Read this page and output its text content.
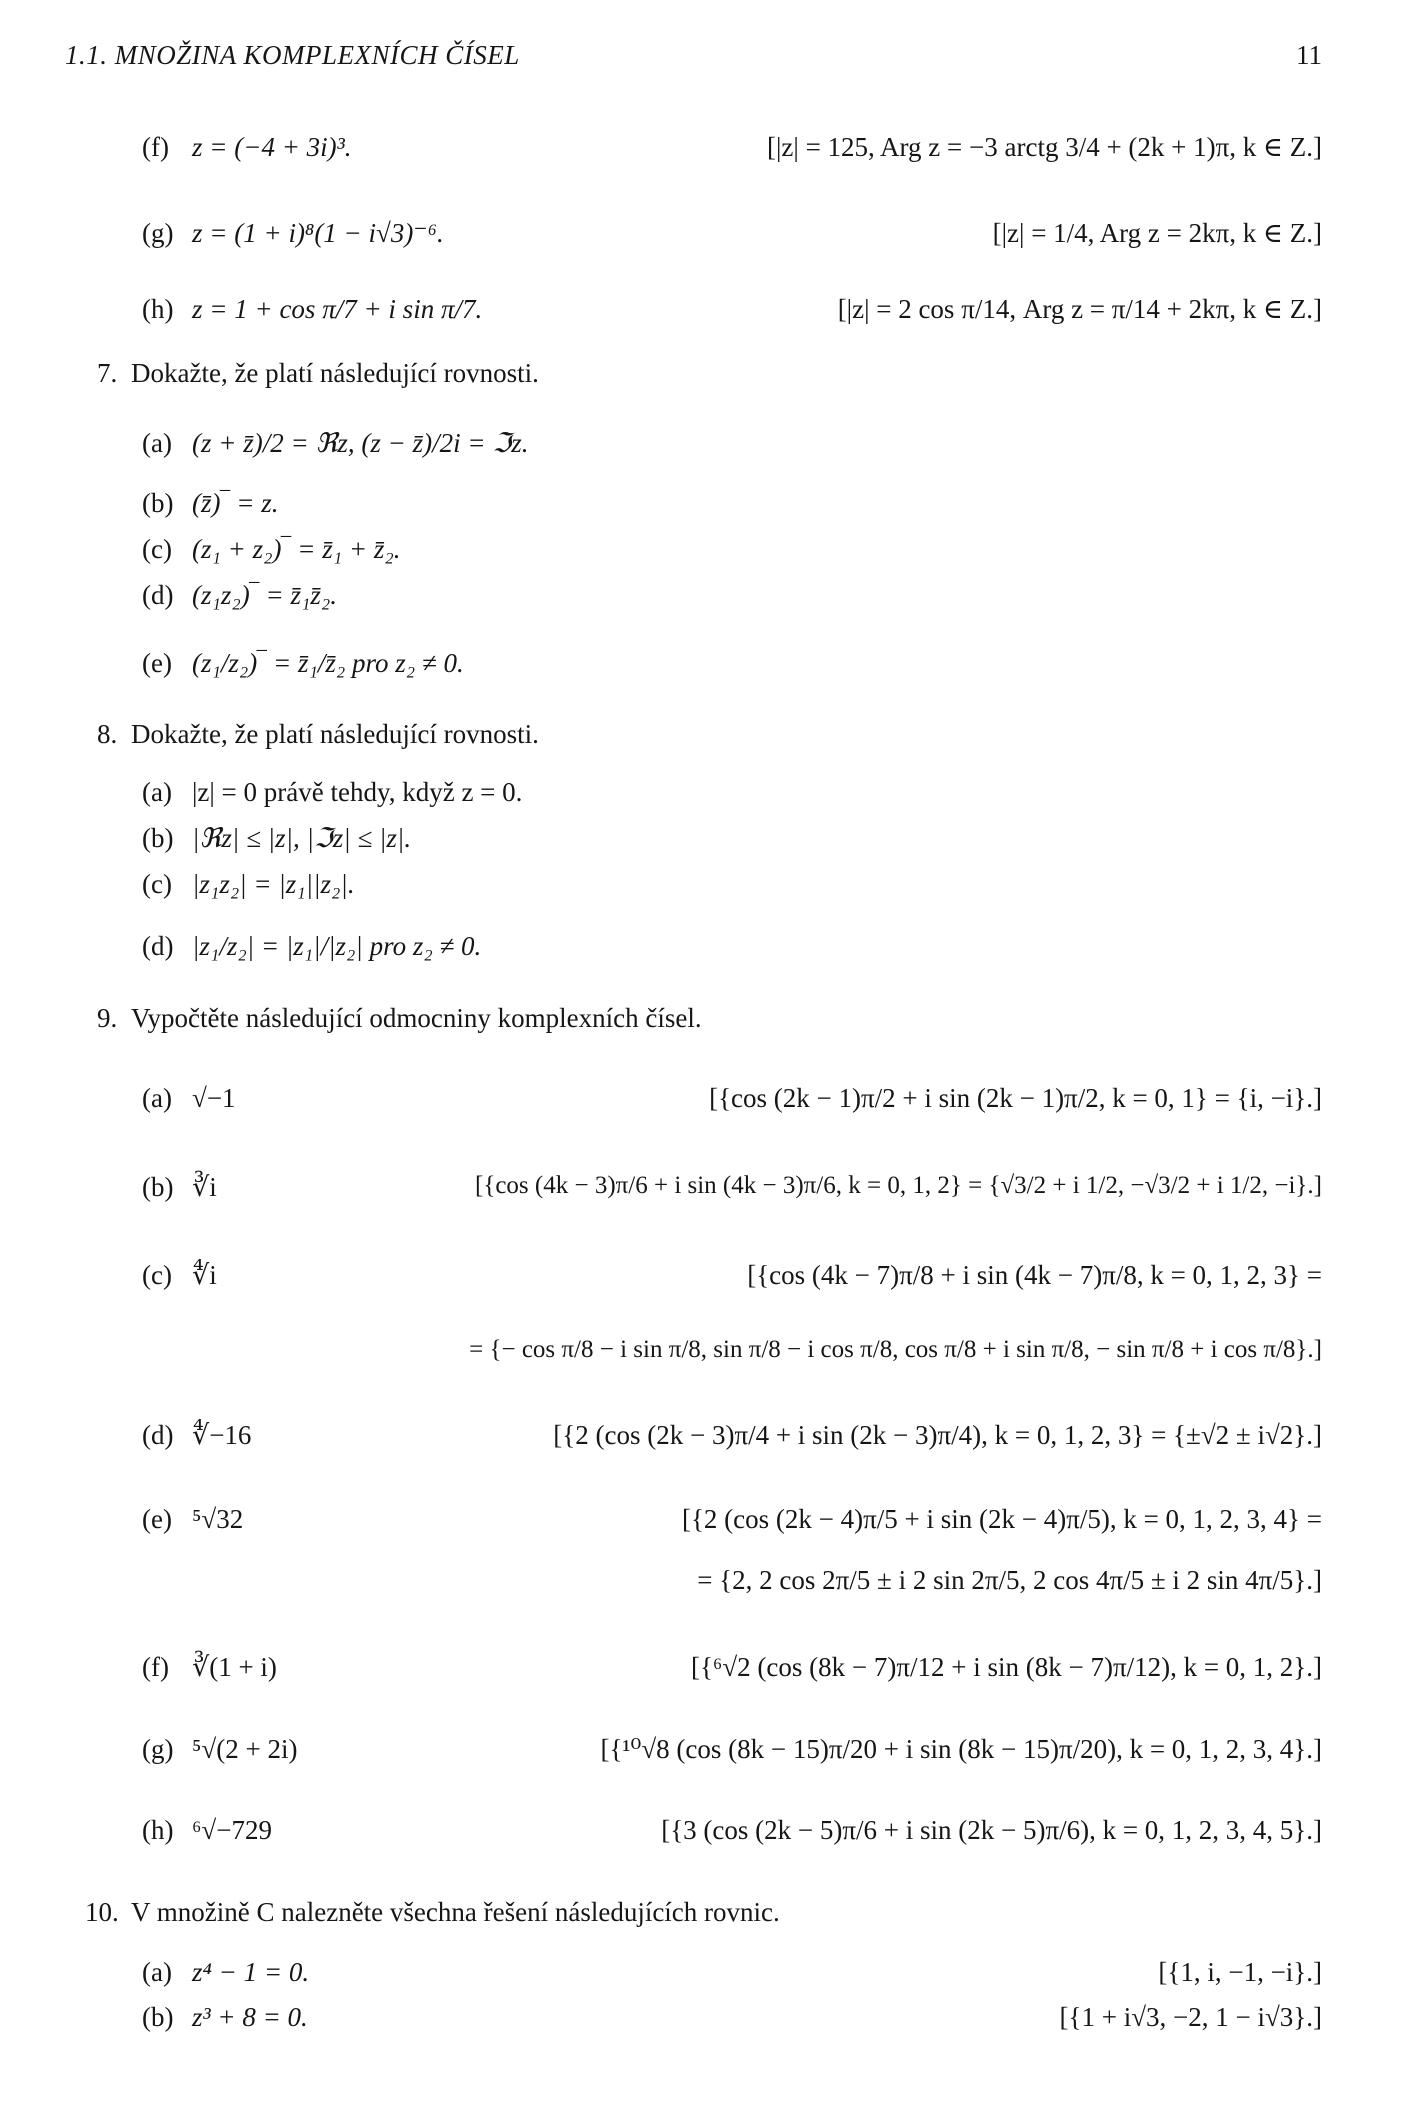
1.1. MNOŽINA KOMPLEXNÍCH ČÍSEL	11
(f) z = (−4 + 3i)³.	[|z| = 125, Arg z = −3 arctg 3/4 + (2k + 1)π, k ∈ Z.]
(g) z = (1 + i)⁸(1 − i√3)⁻⁶.	[|z| = 1/4, Arg z = 2kπ, k ∈ Z.]
(h) z = 1 + cos π/7 + i sin π/7.	[|z| = 2 cos π/14, Arg z = π/14 + 2kπ, k ∈ Z.]
7. Dokažte, že platí následující rovnosti.
(a) (z + z̄)/2 = ℜz, (z − z̄)/2i = ℑz.
(b) (z̄)‾ = z.
(c) (z₁ + z₂)‾ = z̄₁ + z̄₂.
(d) (z₁z₂)‾ = z̄₁z̄₂.
(e) (z₁/z₂)‾ = z̄₁/z̄₂ pro z₂ ≠ 0.
8. Dokažte, že platí následující rovnosti.
(a) |z| = 0 právě tehdy, když z = 0.
(b) |ℜz| ≤ |z|, |ℑz| ≤ |z|.
(c) |z₁z₂| = |z₁||z₂|.
(d) |z₁/z₂| = |z₁|/|z₂| pro z₂ ≠ 0.
9. Vypočtěte následující odmocniny komplexních čísel.
(a) √−1	[{cos (2k − 1)π/2 + i sin (2k − 1)π/2, k = 0, 1} = {i, −i}.]
(b) ∛i	[{cos (4k − 3)π/6 + i sin (4k − 3)π/6, k = 0, 1, 2} = {√3/2 + i 1/2, −√3/2 + i 1/2, −i}.]
(c) ∜i	[{cos (4k − 7)π/8 + i sin (4k − 7)π/8, k = 0, 1, 2, 3} =
= {− cos π/8 − i sin π/8, sin π/8 − i cos π/8, cos π/8 + i sin π/8, − sin π/8 + i cos π/8}.]
(d) ∜−16	[{2 (cos (2k − 3)π/4 + i sin (2k − 3)π/4), k = 0, 1, 2, 3} = {±√2 ± i√2}.]
(e) ⁵√32	[{2 (cos (2k − 4)π/5 + i sin (2k − 4)π/5), k = 0, 1, 2, 3, 4} =
= {2, 2 cos 2π/5 ± i 2 sin 2π/5, 2 cos 4π/5 ± i 2 sin 4π/5}.]
(f) ∛(1 + i)	[{⁶√2 (cos (8k − 7)π/12 + i sin (8k − 7)π/12), k = 0, 1, 2}.]
(g) ⁵√(2 + 2i)	[{¹⁰√8 (cos (8k − 15)π/20 + i sin (8k − 15)π/20), k = 0, 1, 2, 3, 4}.]
(h) ⁶√−729	[{3 (cos (2k − 5)π/6 + i sin (2k − 5)π/6), k = 0, 1, 2, 3, 4, 5}.]
10. V množině C nalezněte všechna řešení následujících rovnic.
(a) z⁴ − 1 = 0.	[{1, i, −1, −i}.]
(b) z³ + 8 = 0.	[{1 + i√3, −2, 1 − i√3}.]
